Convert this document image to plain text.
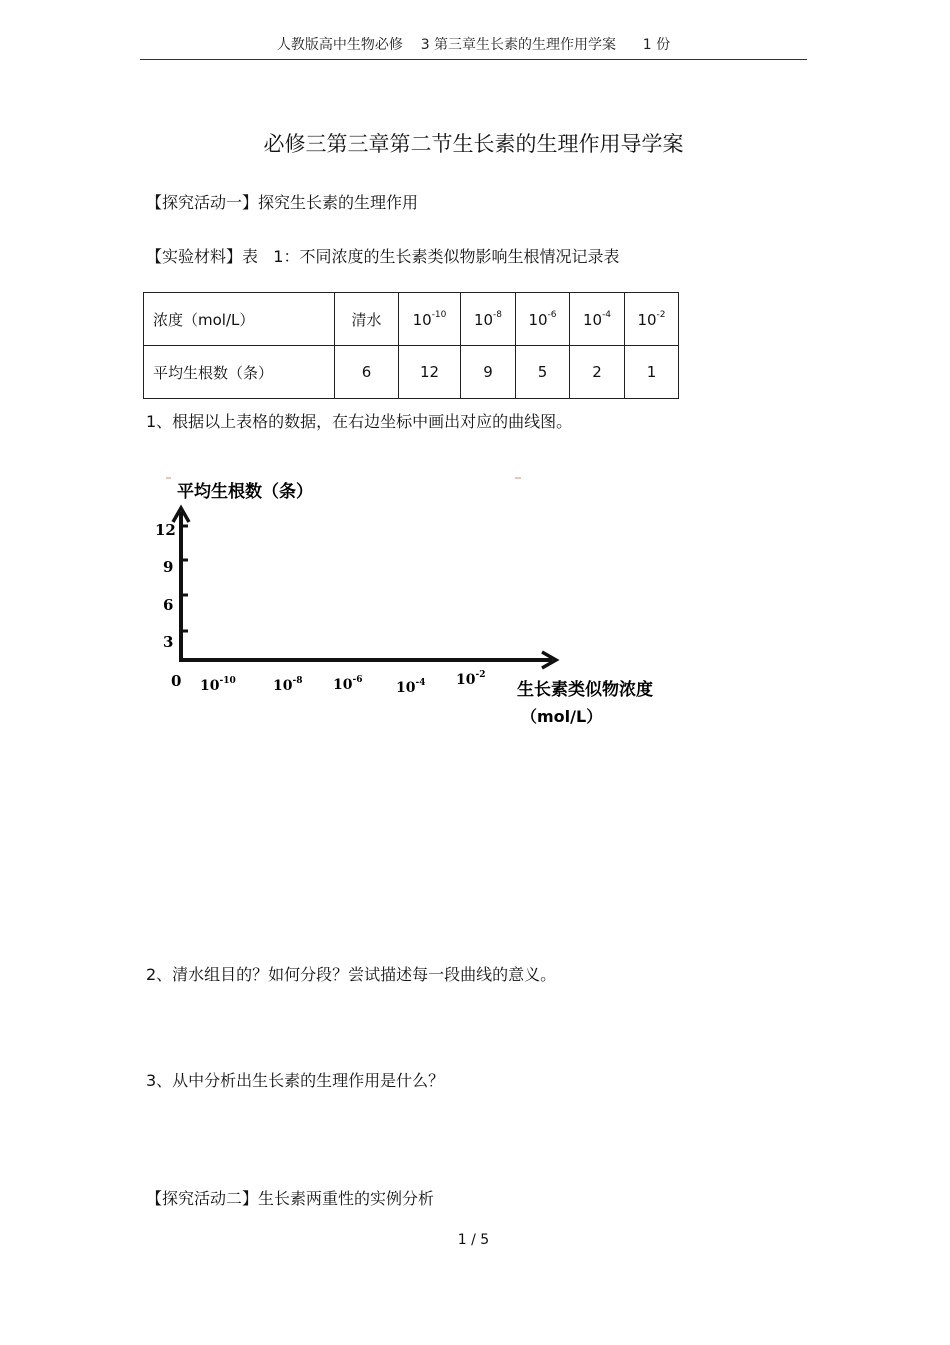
人教版高中生物必修    3 第三章生长素的生理作用学案      1 份
必修三第三章第二节生长素的生理作用导学案
【探究活动一】探究生长素的生理作用
【实验材料】表   1：不同浓度的生长素类似物影响生根情况记录表
浓度（mol/L）	清水	$10^{-10}$	$10^{-8}$	$10^{-6}$	$10^{-4}$	$10^{-2}$
平均生根数（条）	6	12	9	5	2	1
1、根据以上表格的数据，在右边坐标中画出对应的曲线图。
3
6
9
12
0 $10^{-10}$	$10^{-8}$ $10^{-6}$ $10^{-4}$ $10^{-2}$
平均生根数（条）
生长素类似物浓度
（mol/L）
2、清水组目的？如何分段？尝试描述每一段曲线的意义。
3、从中分析出生长素的生理作用是什么？
【探究活动二】生长素两重性的实例分析
1 / 5
